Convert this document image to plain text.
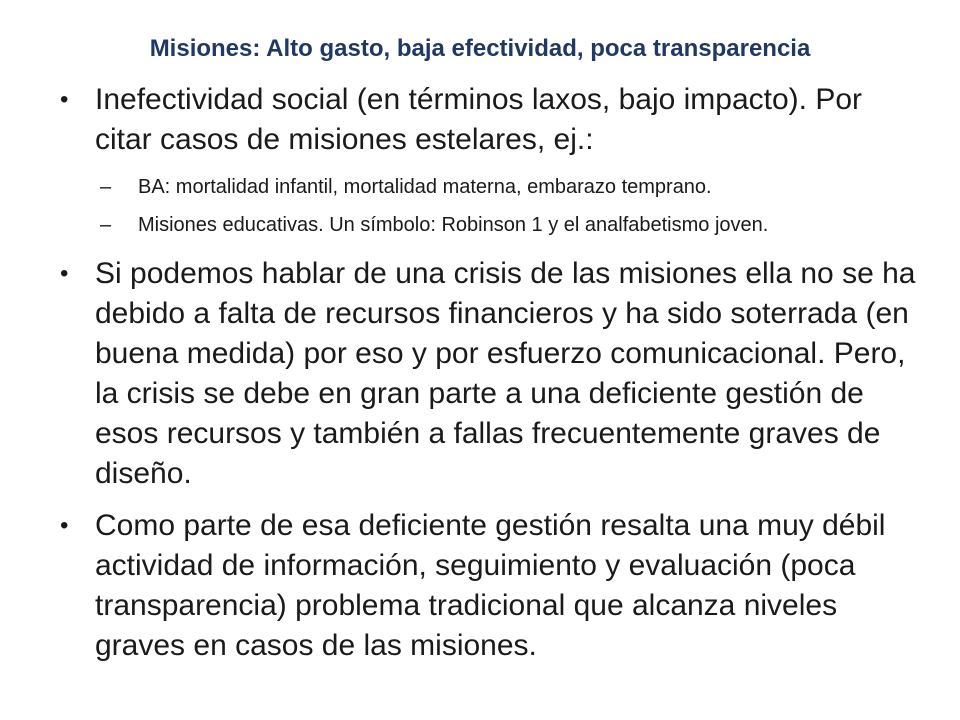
Misiones: Alto gasto, baja efectividad, poca transparencia
• Inefectividad social (en términos laxos, bajo impacto). Por citar casos de misiones estelares, ej.:
– BA: mortalidad infantil, mortalidad materna, embarazo temprano.
– Misiones educativas. Un símbolo: Robinson 1 y el analfabetismo joven.
• Si podemos hablar de una crisis de las misiones ella no se ha debido a falta de recursos financieros y ha sido soterrada (en buena medida) por eso y por esfuerzo comunicacional. Pero, la crisis se debe en gran parte a una deficiente gestión de esos recursos y también a fallas frecuentemente graves de diseño.
• Como parte de esa deficiente gestión resalta una muy débil actividad de información, seguimiento y evaluación (poca transparencia) problema tradicional que alcanza niveles graves en casos de las misiones.
